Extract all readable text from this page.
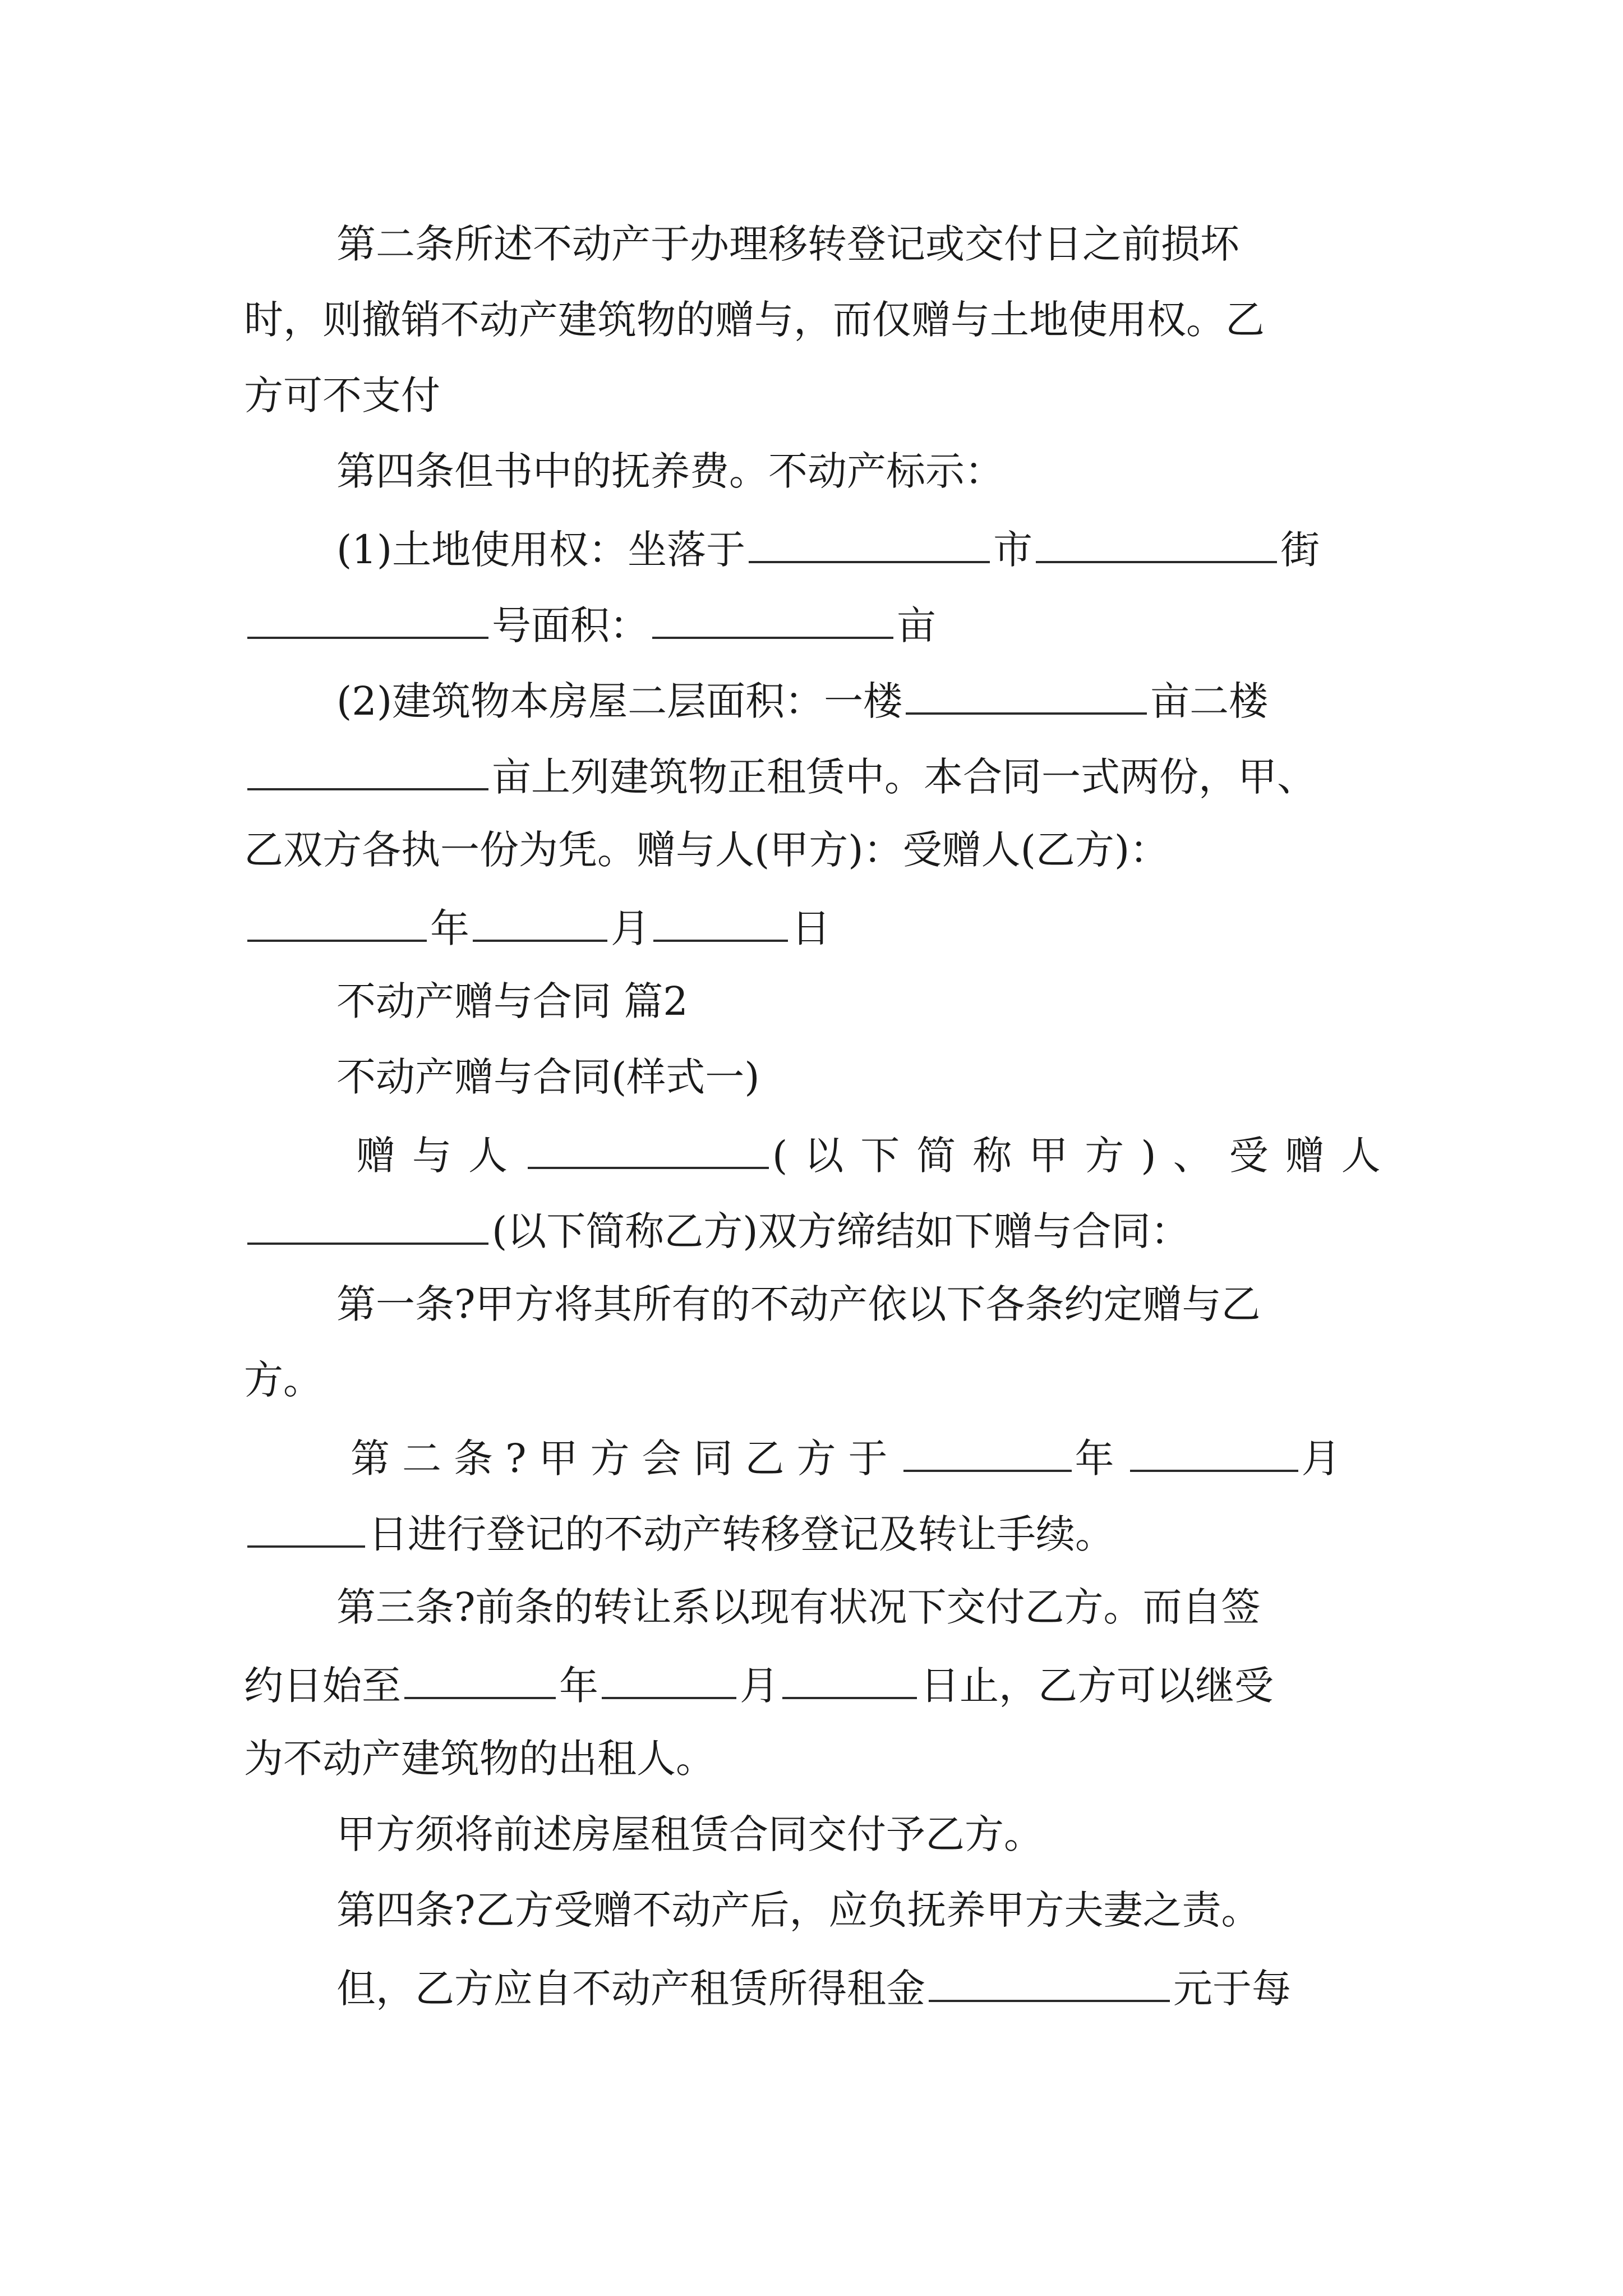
第二条所述不动产于办理移转登记或交付日之前损坏
时，则撤销不动产建筑物的赠与，而仅赠与土地使用权。乙
方可不支付
第四条但书中的抚养费。不动产标示：
(1)土地使用权：坐落于	市	街
号面积：	亩
(2)建筑物本房屋二层面积：一楼	亩二楼
亩上列建筑物正租赁中。本合同一式两份，甲、
乙双方各执一份为凭。赠与人(甲方)：受赠人(乙方)：
年	月	日
不动产赠与合同 篇2
不动产赠与合同(样式一)
赠与人	(以下简称甲方)、受赠人
(以下简称乙方)双方缔结如下赠与合同：
第一条?甲方将其所有的不动产依以下各条约定赠与乙
方。
第二条?甲方会同乙方于	年	月
日进行登记的不动产转移登记及转让手续。
第三条?前条的转让系以现有状况下交付乙方。而自签
约日始至	年	月	日止，乙方可以继受
为不动产建筑物的出租人。
甲方须将前述房屋租赁合同交付予乙方。
第四条?乙方受赠不动产后，应负抚养甲方夫妻之责。
但，乙方应自不动产租赁所得租金	元于每
